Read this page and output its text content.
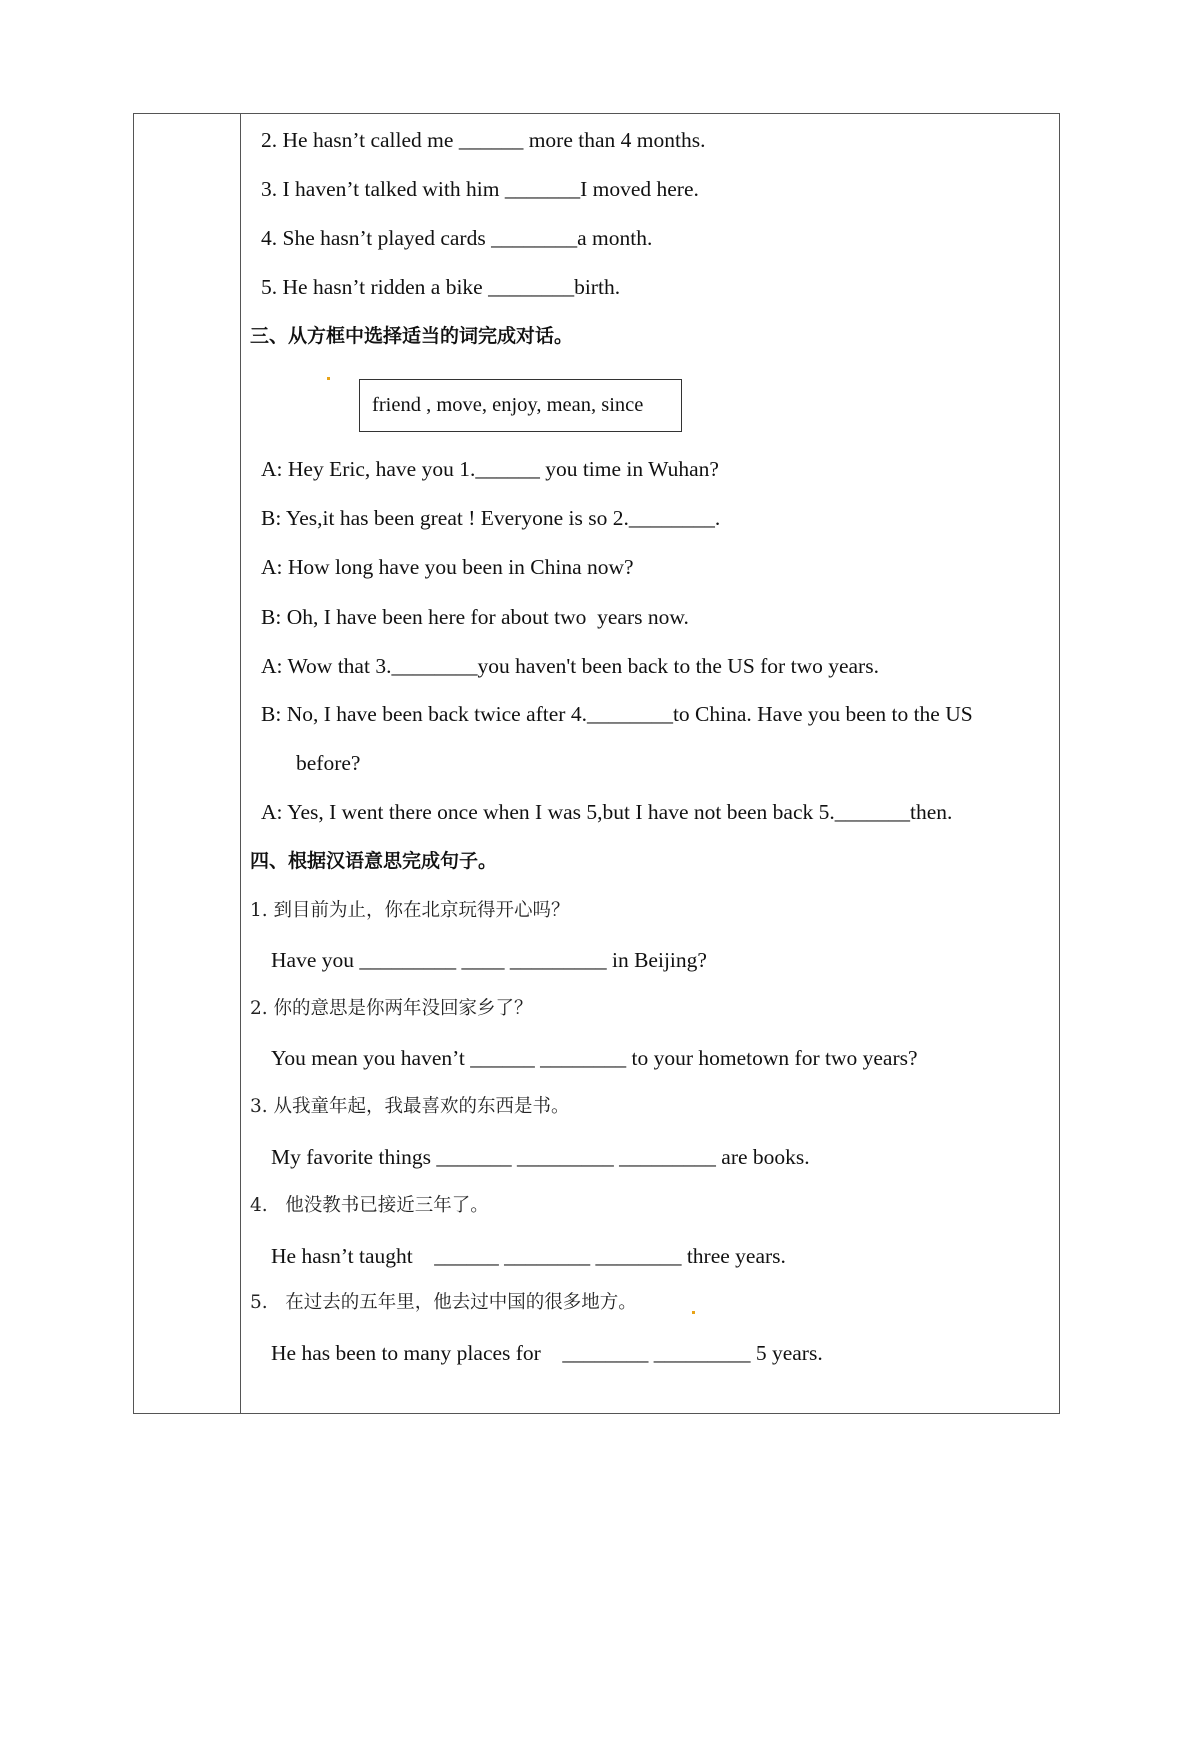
2. He hasn’t called me ______ more than 4 months.
3. I haven’t talked with him _______I moved here.
4. She hasn’t played cards ________a month.
5. He hasn’t ridden a bike ________birth.
三、从方框中选择适当的词完成对话。
friend , move, enjoy, mean, since
A: Hey Eric, have you 1.______ you time in Wuhan?
B: Yes,it has been great ! Everyone is so 2.________.
A: How long have you been in China now?
B: Oh, I have been here for about two  years now.
A: Wow that 3.________you haven't been back to the US for two years.
B: No, I have been back twice after 4.________to China. Have you been to the US
before?
A: Yes, I went there once when I was 5,but I have not been back 5._______then.
四、根据汉语意思完成句子。
1. 到目前为止，你在北京玩得开心吗？
Have you _________ ____ _________ in Beijing?
2. 你的意思是你两年没回家乡了？
You mean you haven’t ______ ________ to your hometown for two years?
3. 从我童年起，我最喜欢的东西是书。
My favorite things _______ _________ _________ are books.
4.   他没教书已接近三年了。
He hasn’t taught    ______ ________ ________ three years.
5.   在过去的五年里，他去过中国的很多地方。
He has been to many places for    ________ _________ 5 years.
